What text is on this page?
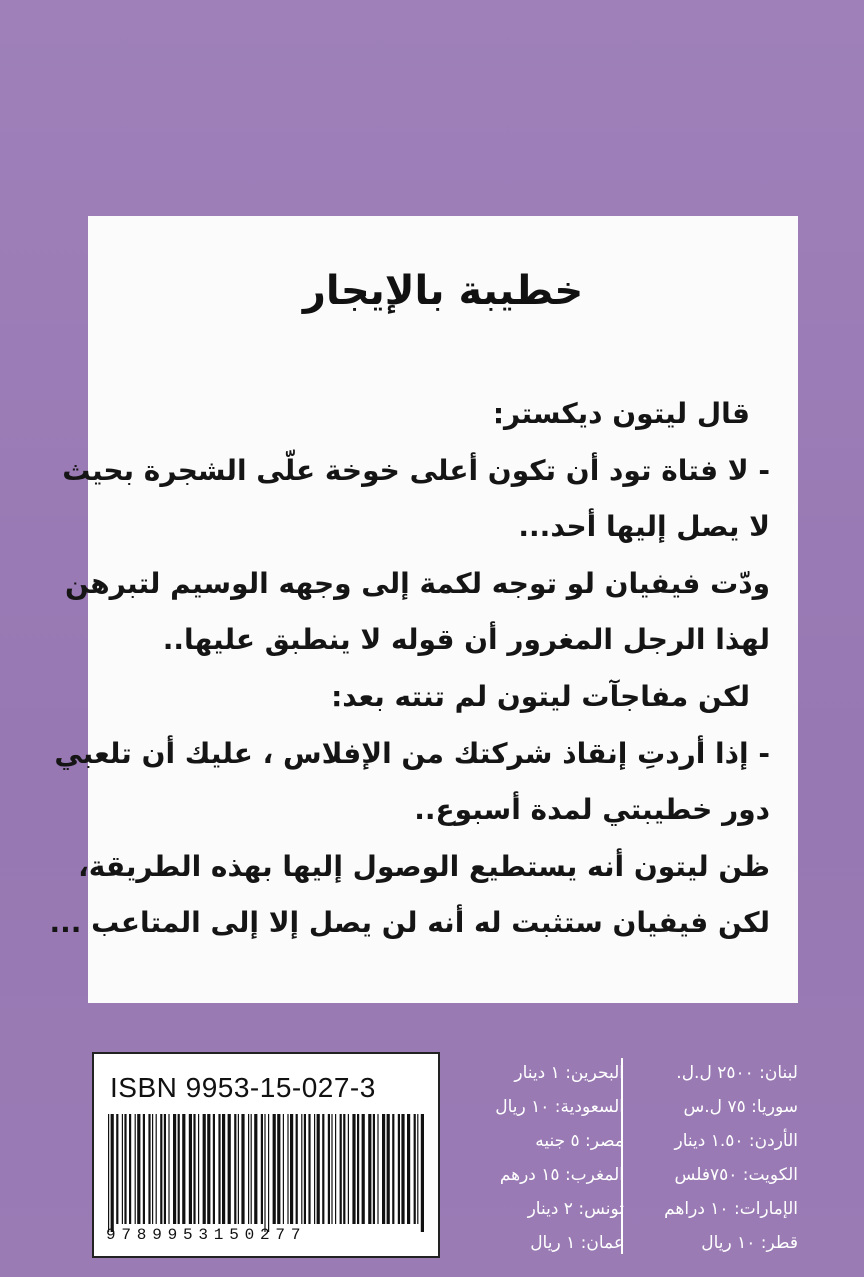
خطيبة بالإيجار
قال ليتون ديكستر:
- لا فتاة تود أن تكون أعلى خوخة علّى الشجرة بحيث
لا يصل إليها أحد...
ودّت فيفيان لو توجه لكمة إلى وجهه الوسيم لتبرهن
لهذا الرجل المغرور أن قوله لا ينطبق عليها..
لكن مفاجآت ليتون لم تنته بعد:
- إذا أردتِ إنقاذ شركتك من الإفلاس ، عليك أن تلعبي
دور خطيبتي لمدة أسبوع..
ظن ليتون أنه يستطيع الوصول إليها بهذه الطريقة،
لكن فيفيان ستثبت له أنه لن يصل إلا إلى المتاعب ...
ISBN 9953-15-027-3
9789953150277
البحرين: ١ دينار
السعودية: ١٠ ريال
مصر: ٥ جنيه
المغرب: ١٥ درهم
تونس: ٢ دينار
عمان: ١ ريال
لبنان: ٢٥٠٠ ل.ل.
سوريا: ٧٥ ل.س
الأردن: ١.٥٠ دينار
الكويت: ٧٥٠فلس
الإمارات: ١٠ دراهم
قطر: ١٠ ريال
